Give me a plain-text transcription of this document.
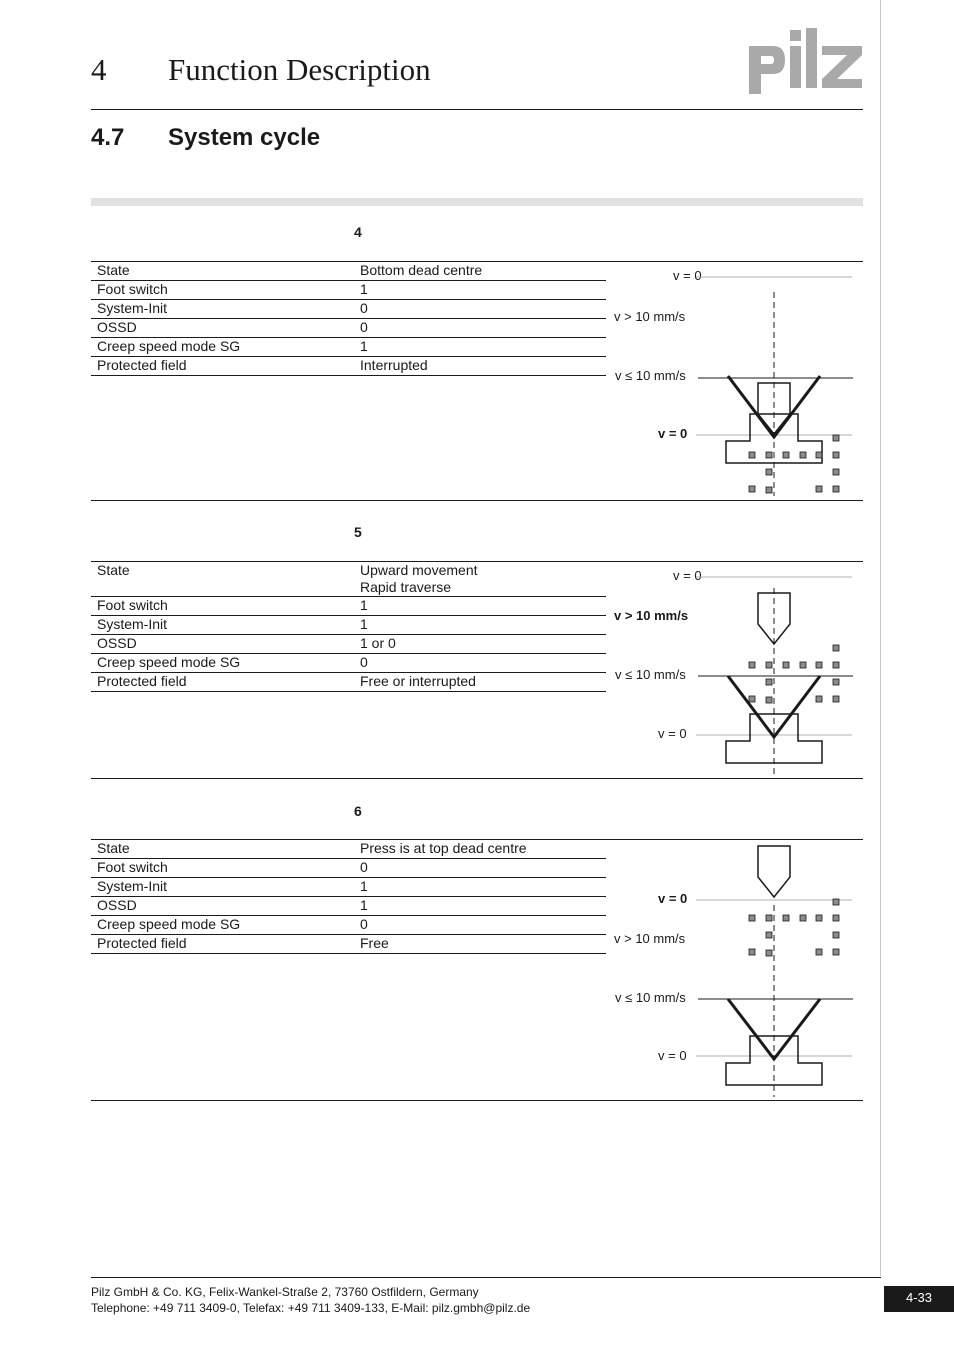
4 Function Description
4.7 System cycle
4
State	Bottom dead centre
Foot switch	1
System-Init	0
OSSD	0
Creep speed mode SG	1
Protected field	Interrupted
v = 0
v > 10 mm/s
v ≤ 10 mm/s
v = 0
5
State	Upward movement
Rapid traverse

Foot switch	1
System-Init	1
OSSD	1 or 0
Creep speed mode SG	0
Protected field	Free or interrupted
v = 0
v > 10 mm/s
v ≤ 10 mm/s
v = 0
6
State	Press is at top dead centre
Foot switch	0
System-Init	1
OSSD	1
Creep speed mode SG	0
Protected field	Free
v = 0
v > 10 mm/s
v ≤ 10 mm/s
v = 0
Pilz GmbH & Co. KG, Felix-Wankel-Straße 2, 73760 Ostfildern, Germany
Telephone: +49 711 3409-0, Telefax: +49 711 3409-133, E-Mail: pilz.gmbh@pilz.de
4-33
